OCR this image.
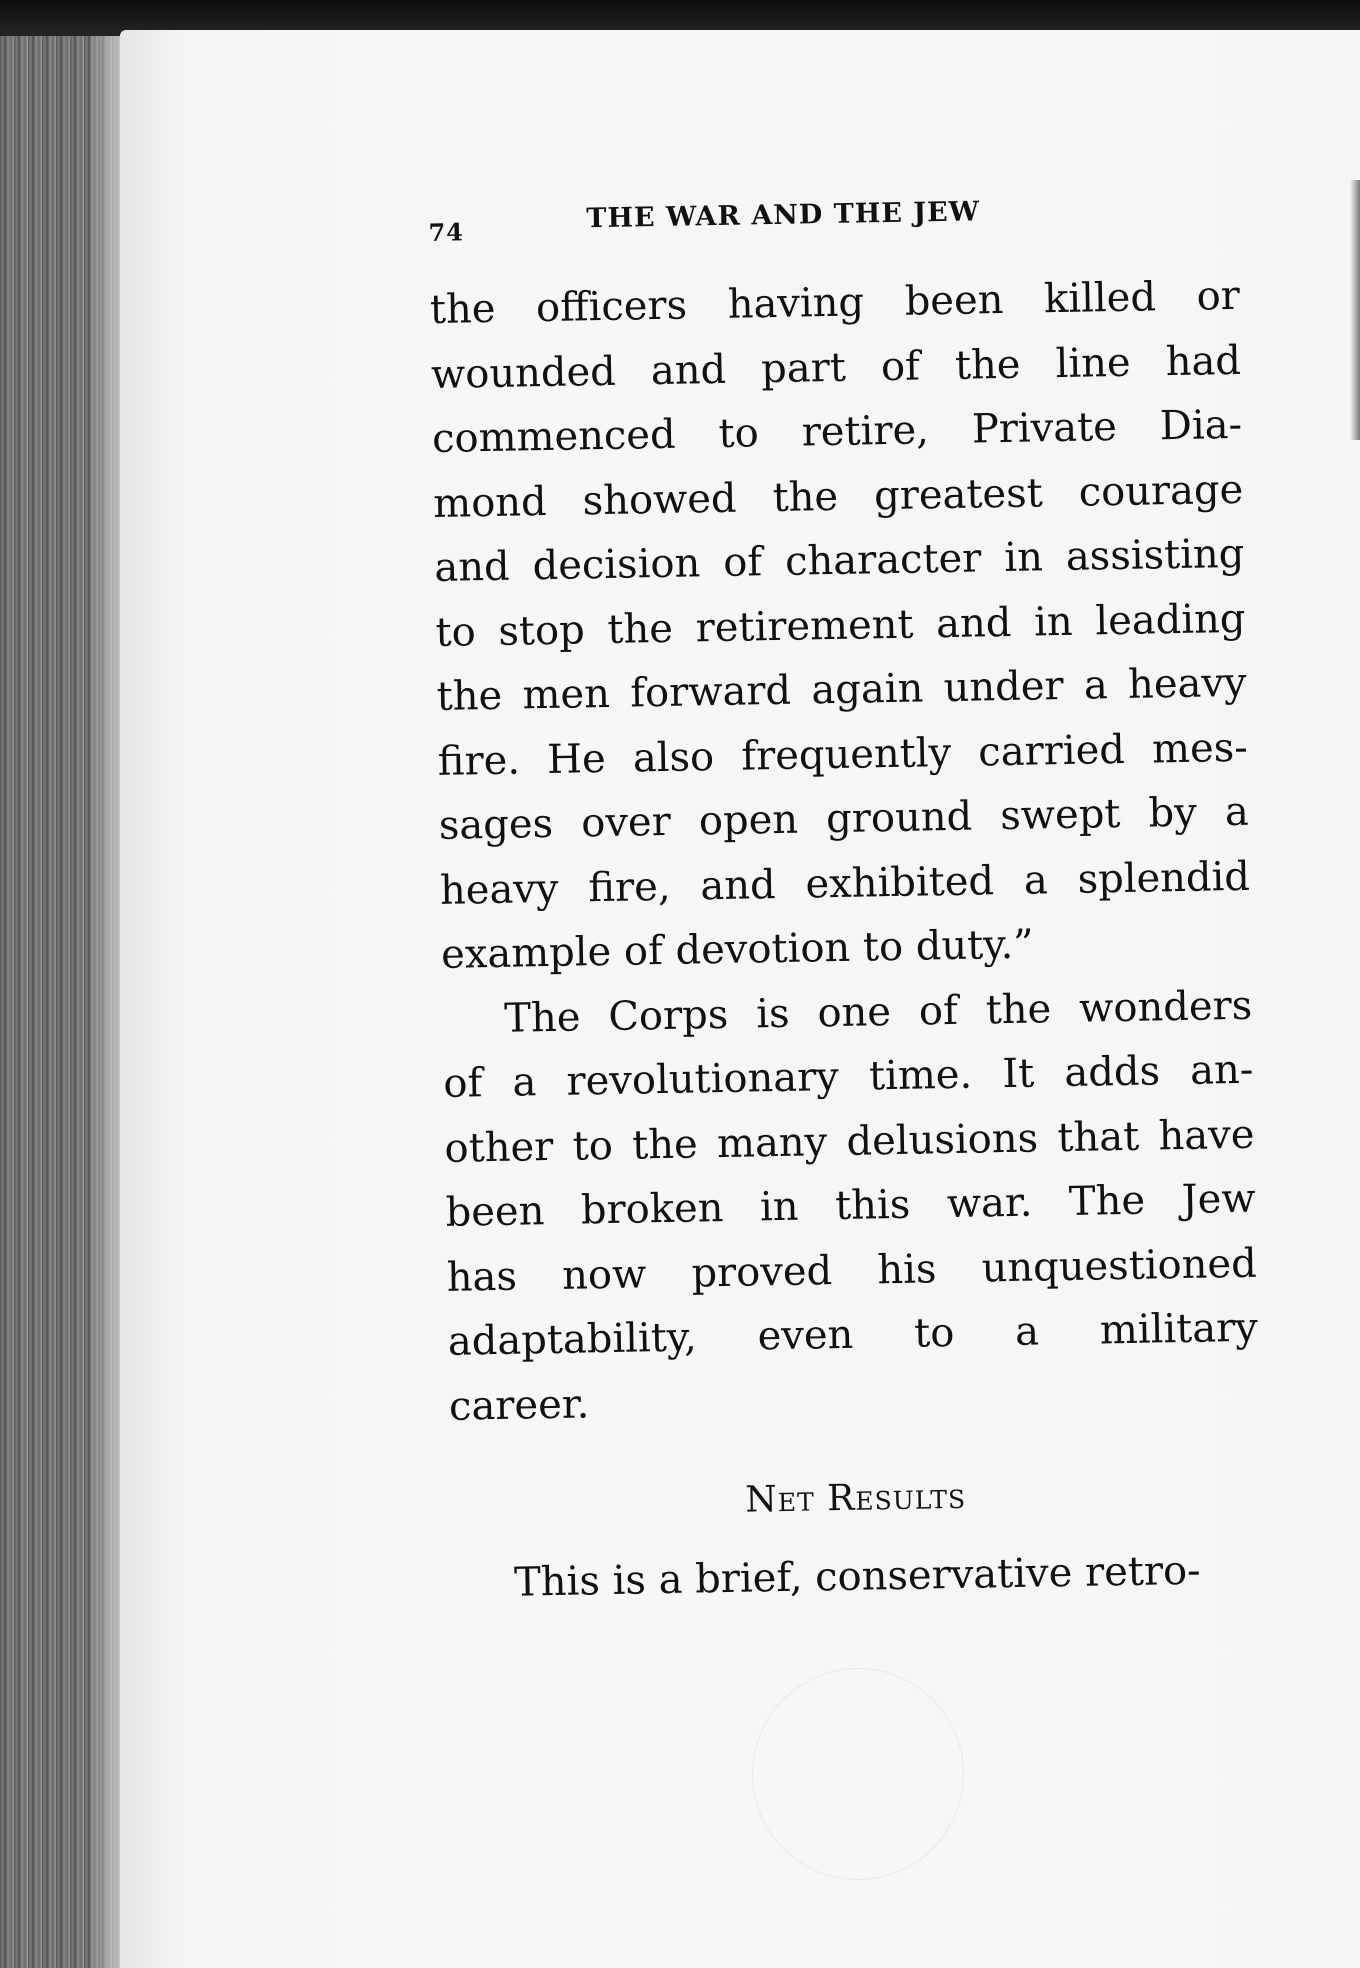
74	THE WAR AND THE JEW

the officers having been killed or
wounded and part of the line had
commenced to retire, Private Dia-
mond showed the greatest courage
and decision of character in assisting
to stop the retirement and in leading
the men forward again under a heavy
fire. He also frequently carried mes-
sages over open ground swept by a
heavy fire, and exhibited a splendid
example of devotion to duty.”

The Corps is one of the wonders
of a revolutionary time. It adds an-
other to the many delusions that have
been broken in this war. The Jew
has now proved his unquestioned
adaptability, even to a military
career.

Net Results

This is a brief, conservative retro-
